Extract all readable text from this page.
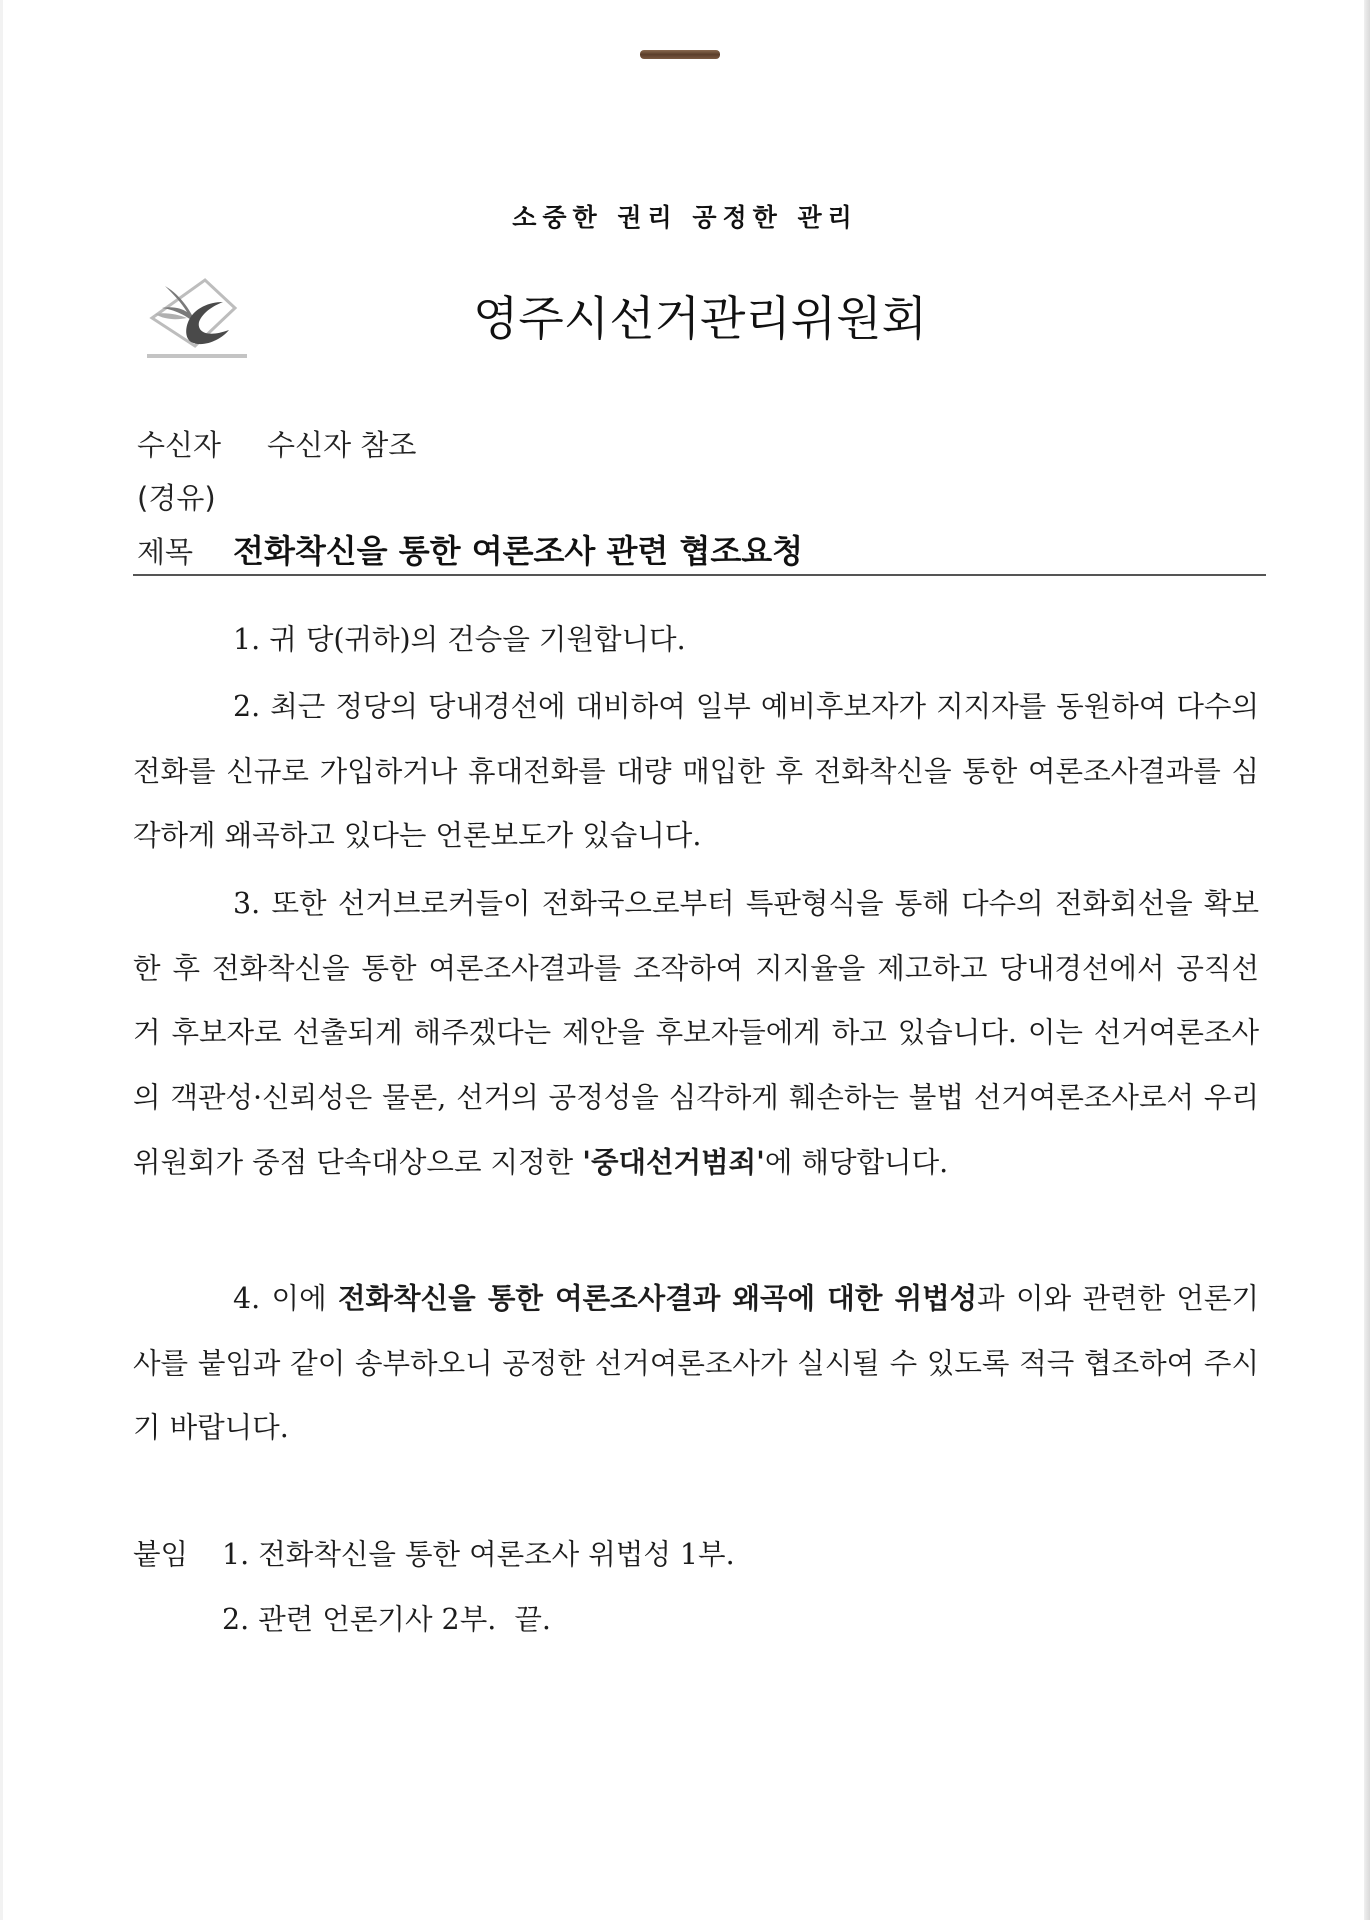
소중한 권리 공정한 관리
영주시선거관리위원회
수신자 수신자 참조
(경유)
제목 전화착신을 통한 여론조사 관련 협조요청
1. 귀 당(귀하)의 건승을 기원합니다.
2. 최근 정당의 당내경선에 대비하여 일부 예비후보자가 지지자를 동원하여 다수의 전화를 신규로 가입하거나 휴대전화를 대량 매입한 후 전화착신을 통한 여론조사결과를 심각하게 왜곡하고 있다는 언론보도가 있습니다.
3. 또한 선거브로커들이 전화국으로부터 특판형식을 통해 다수의 전화회선을 확보한 후 전화착신을 통한 여론조사결과를 조작하여 지지율을 제고하고 당내경선에서 공직선거 후보자로 선출되게 해주겠다는 제안을 후보자들에게 하고 있습니다. 이는 선거여론조사의 객관성·신뢰성은 물론, 선거의 공정성을 심각하게 훼손하는 불법 선거여론조사로서 우리위원회가 중점 단속대상으로 지정한 '중대선거범죄'에 해당합니다.
4. 이에 전화착신을 통한 여론조사결과 왜곡에 대한 위법성과 이와 관련한 언론기사를 붙임과 같이 송부하오니 공정한 선거여론조사가 실시될 수 있도록 적극 협조하여 주시기 바랍니다.
붙임 1. 전화착신을 통한 여론조사 위법성 1부.
2. 관련 언론기사 2부.  끝.
